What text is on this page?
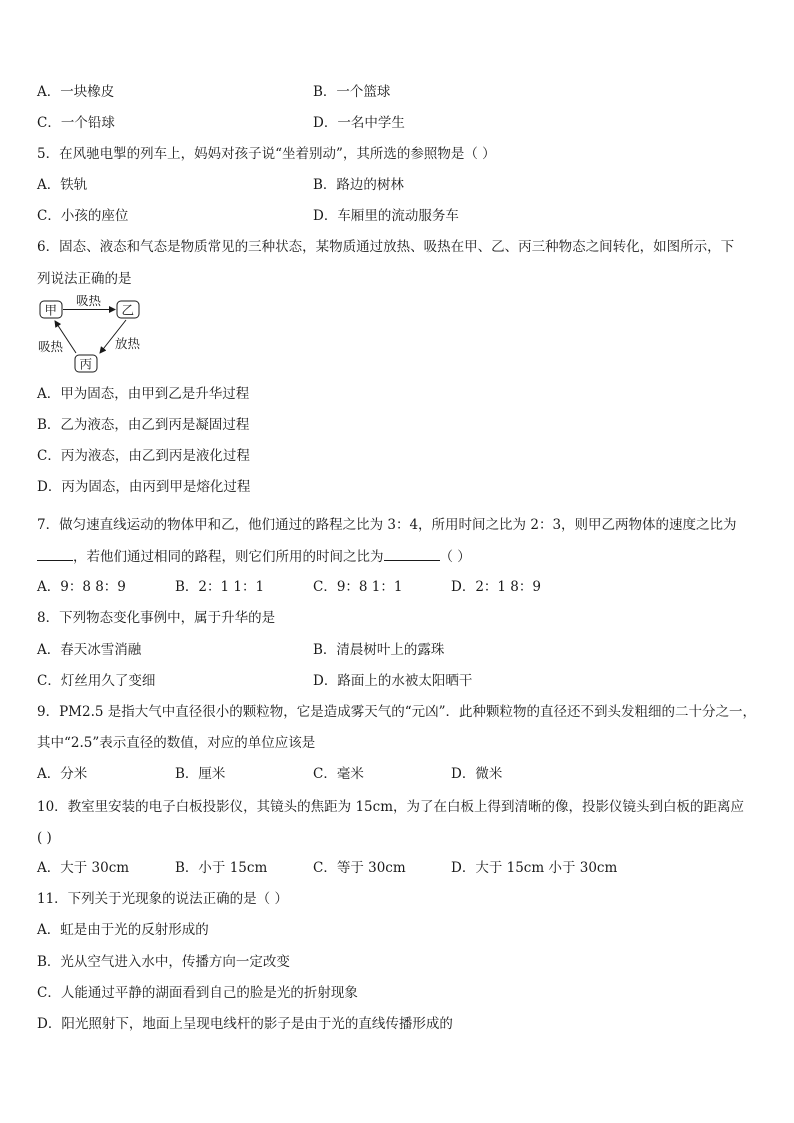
A．一块橡皮	B．一个篮球
C．一个铅球	D．一名中学生
5．在风驰电掣的列车上，妈妈对孩子说“坐着别动”，其所选的参照物是（ ）
A．铁轨	B．路边的树林
C．小孩的座位	D．车厢里的流动服务车
6．固态、液态和气态是物质常见的三种状态，某物质通过放热、吸热在甲、乙、丙三种物态之间转化，如图所示，下
列说法正确的是
甲	乙
丙
吸热
放热
吸热
A．甲为固态，由甲到乙是升华过程
B．乙为液态，由乙到丙是凝固过程
C．丙为液态，由乙到丙是液化过程
D．丙为固态，由丙到甲是熔化过程
7．做匀速直线运动的物体甲和乙，他们通过的路程之比为 3：4，所用时间之比为 2：3，则甲乙两物体的速度之比为
，若他们通过相同的路程，则它们所用的时间之比为	（ ）
A．9：8 8：9	B．2：1 1：1	C．9：8 1：1	D．2：1 8：9
8．下列物态变化事例中，属于升华的是
A．春天冰雪消融	B．清晨树叶上的露珠
C．灯丝用久了变细	D．路面上的水被太阳晒干
9．PM2.5 是指大气中直径很小的颗粒物，它是造成雾天气的“元凶”．此种颗粒物的直径还不到头发粗细的二十分之一，
其中“2.5”表示直径的数值，对应的单位应该是
A．分米	B．厘米	C．毫米	D．微米
10．教室里安装的电子白板投影仪，其镜头的焦距为 15cm，为了在白板上得到清晰的像，投影仪镜头到白板的距离应
( )
A．大于 30cm	B．小于 15cm	C．等于 30cm	D．大于 15cm 小于 30cm
11．下列关于光现象的说法正确的是（ ）
A．虹是由于光的反射形成的
B．光从空气进入水中，传播方向一定改变
C．人能通过平静的湖面看到自己的脸是光的折射现象
D．阳光照射下，地面上呈现电线杆的影子是由于光的直线传播形成的
